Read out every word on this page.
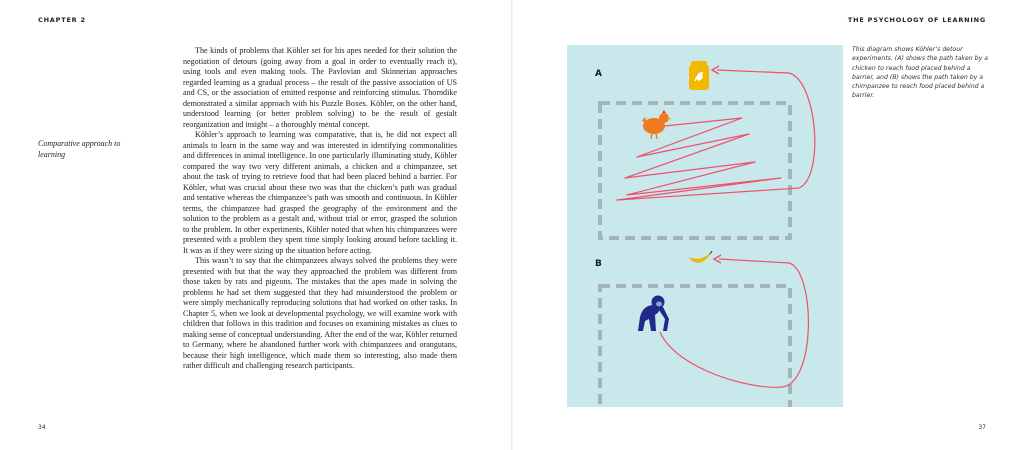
CHAPTER 2
Comparative approach to learning

The kinds of problems that Köhler set for his apes needed for their solution the negotiation of detours (going away from a goal in order to eventually reach it), using tools and even making tools. The Pavlovian and Skinnerian approaches regarded learning as a gradual process – the result of the passive association of US and CS, or the association of emitted response and reinforcing stimulus. Thorndike demonstrated a similar approach with his Puzzle Boxes. Köhler, on the other hand, understood learning (or better problem solving) to be the result of gestalt reorganization and insight – a thoroughly mental concept.

Köhler’s approach to learning was comparative, that is, he did not expect all animals to learn in the same way and was interested in identifying commonalities and differences in animal intelligence. In one particularly illuminating study, Köhler compared the way two very different animals, a chicken and a chimpanzee, set about the task of trying to retrieve food that had been placed behind a barrier. For Köhler, what was crucial about these two was that the chicken’s path was gradual and tentative whereas the chimpanzee’s path was smooth and continuous. In Köhler terms, the chimpanzee had grasped the geography of the environment and the solution to the problem as a gestalt and, without trial or error, grasped the solution to the problem. In other experiments, Köhler noted that when his chimpanzees were presented with a problem they spent time simply looking around before tackling it. It was as if they were sizing up the situation before acting.

This wasn’t to say that the chimpanzees always solved the problems they were presented with but that the way they approached the problem was different from those taken by rats and pigeons. The mistakes that the apes made in solving the problems he had set them suggested that they had misunderstood the problem or were simply mechanically reproducing solutions that had worked on other tasks. In Chapter 5, when we look at developmental psychology, we will examine work with children that follows in this tradition and focuses on examining mistakes as clues to making sense of conceptual understanding. After the end of the war, Köhler returned to Germany, where he abandoned further work with chimpanzees and orangutans, because their high intelligence, which made them so interesting, also made them rather difficult and challenging research participants.

34
THE PSYCHOLOGY OF LEARNING
A
B
This diagram shows Köhler’s detour experiments. (A) shows the path taken by a chicken to reach food placed behind a barrier, and (B) shows the path taken by a chimpanzee to reach food placed behind a barrier.
37
